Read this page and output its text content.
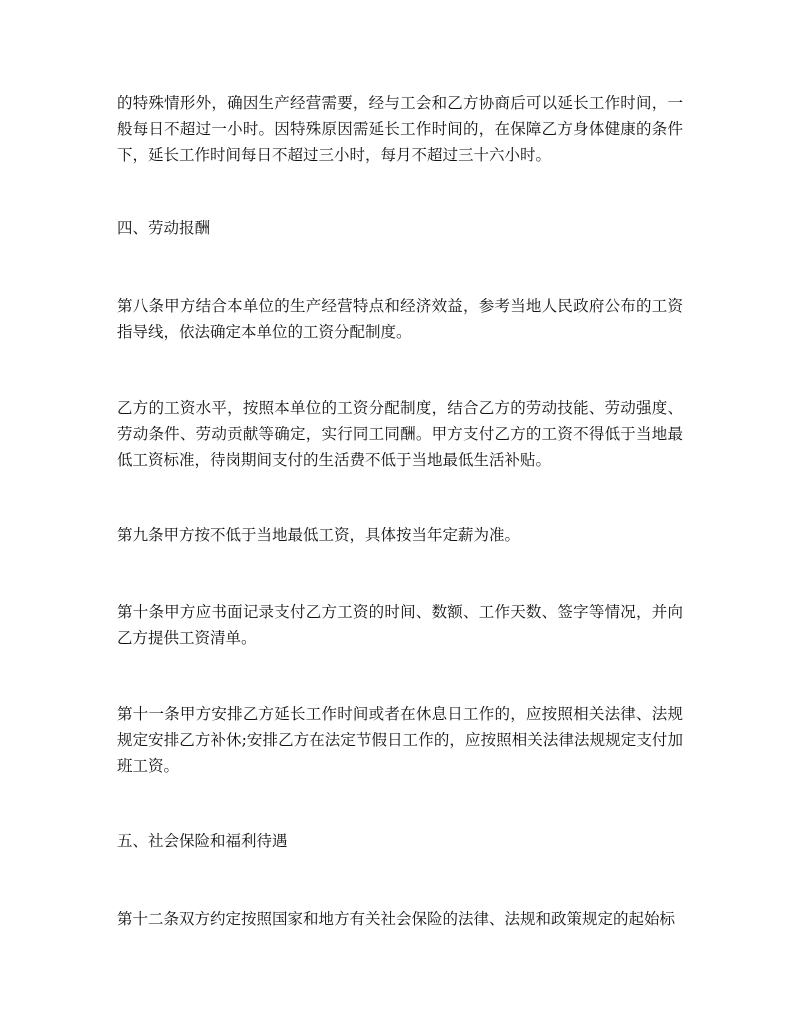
的特殊情形外，确因生产经营需要，经与工会和乙方协商后可以延长工作时间，一般每日不超过一小时。因特殊原因需延长工作时间的，在保障乙方身体健康的条件下，延长工作时间每日不超过三小时，每月不超过三十六小时。

四、劳动报酬

第八条甲方结合本单位的生产经营特点和经济效益，参考当地人民政府公布的工资指导线，依法确定本单位的工资分配制度。

乙方的工资水平，按照本单位的工资分配制度，结合乙方的劳动技能、劳动强度、劳动条件、劳动贡献等确定，实行同工同酬。甲方支付乙方的工资不得低于当地最低工资标准，待岗期间支付的生活费不低于当地最低生活补贴。

第九条甲方按不低于当地最低工资，具体按当年定薪为准。

第十条甲方应书面记录支付乙方工资的时间、数额、工作天数、签字等情况，并向乙方提供工资清单。

第十一条甲方安排乙方延长工作时间或者在休息日工作的，应按照相关法律、法规规定安排乙方补休;安排乙方在法定节假日工作的，应按照相关法律法规规定支付加班工资。

五、社会保险和福利待遇

第十二条双方约定按照国家和地方有关社会保险的法律、法规和政策规定的起始标
